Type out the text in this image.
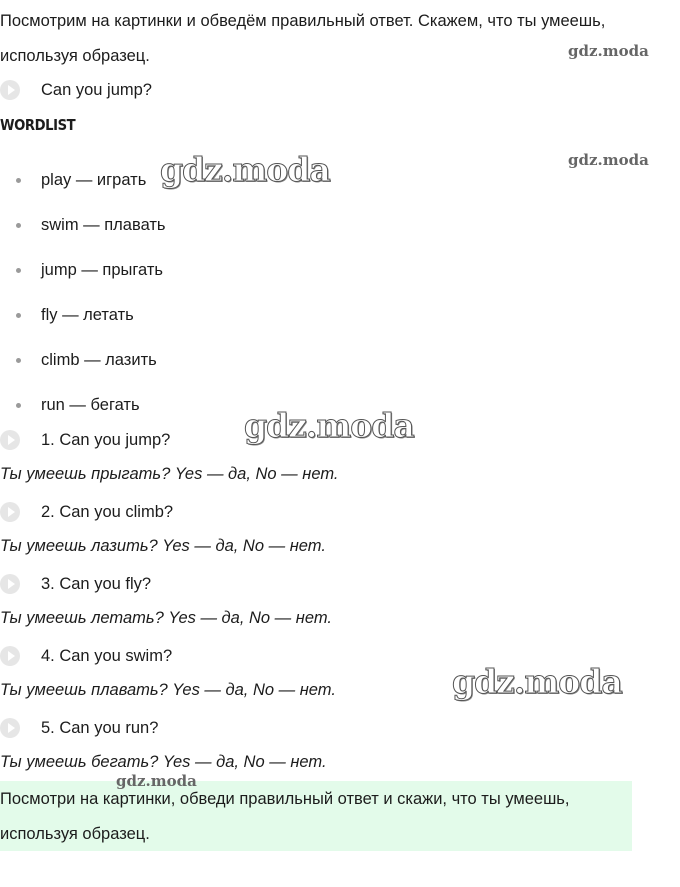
Посмотрим на картинки и обведём правильный ответ. Скажем, что ты умеешь, используя образец.

Can you jump?
WORDLIST
play — играть
swim — плавать
jump — прыгать
fly — летать
climb — лазить
run — бегать
1. Can you jump?

Ты умеешь прыгать? Yes — да, No — нет.

2. Can you climb?

Ты умеешь лазить? Yes — да, No — нет.

3. Can you fly?

Ты умеешь летать? Yes — да, No — нет.

4. Can you swim?

Ты умеешь плавать? Yes — да, No — нет.

5. Can you run?

Ты умеешь бегать? Yes — да, No — нет.

Посмотри на картинки, обведи правильный ответ и скажи, что ты умеешь, используя образец.

gdz.moda
gdz.moda
gdz.moda
gdz.moda
gdz.moda
gdz.moda
